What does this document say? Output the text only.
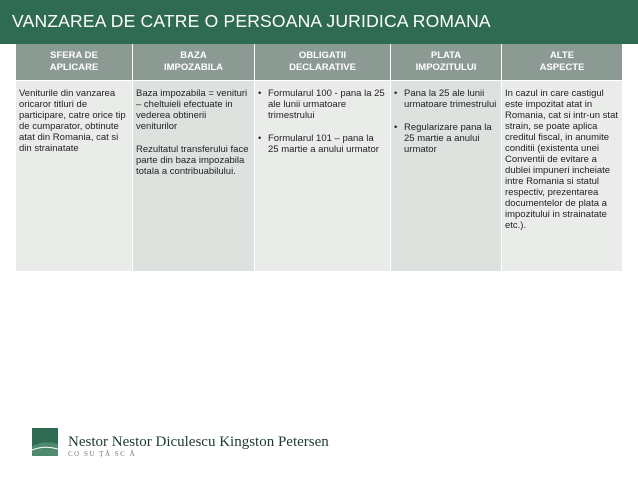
VANZAREA DE CATRE O PERSOANA JURIDICA ROMANA
SFERA DE
APLICARE
BAZA
IMPOZABILA
OBLIGATII
DECLARATIVE
PLATA
IMPOZITULUI
ALTE
ASPECTE

Veniturile din vanzarea oricaror titluri de participare, catre orice tip de cumparator, obtinute atat din Romania, cat si din strainatate

Baza impozabila = venituri – cheltuieli efectuate in vederea obtinerii veniturilor

Rezultatul transferului face parte din baza impozabila totala a contribuabilului.

• Formularul 100 - pana la 25 ale lunii urmatoare trimestrului
• Formularul 101 – pana la 25 martie a anului urmator
• Pana la 25 ale lunii urmatoare trimestrului
• Regularizare pana la 25 martie a anului urmator

In cazul in care castigul este impozitat atat in Romania, cat si intr-un stat strain, se poate aplica creditul fiscal, in anumite conditii (existenta unei Conventii de evitare a dublei impuneri incheiate intre Romania si statul respectiv, prezentarea documentelor de plata a impozitului in strainatate etc.).

Nestor Nestor Diculescu Kingston Petersen
CO SU ȚĂ SC Ă
